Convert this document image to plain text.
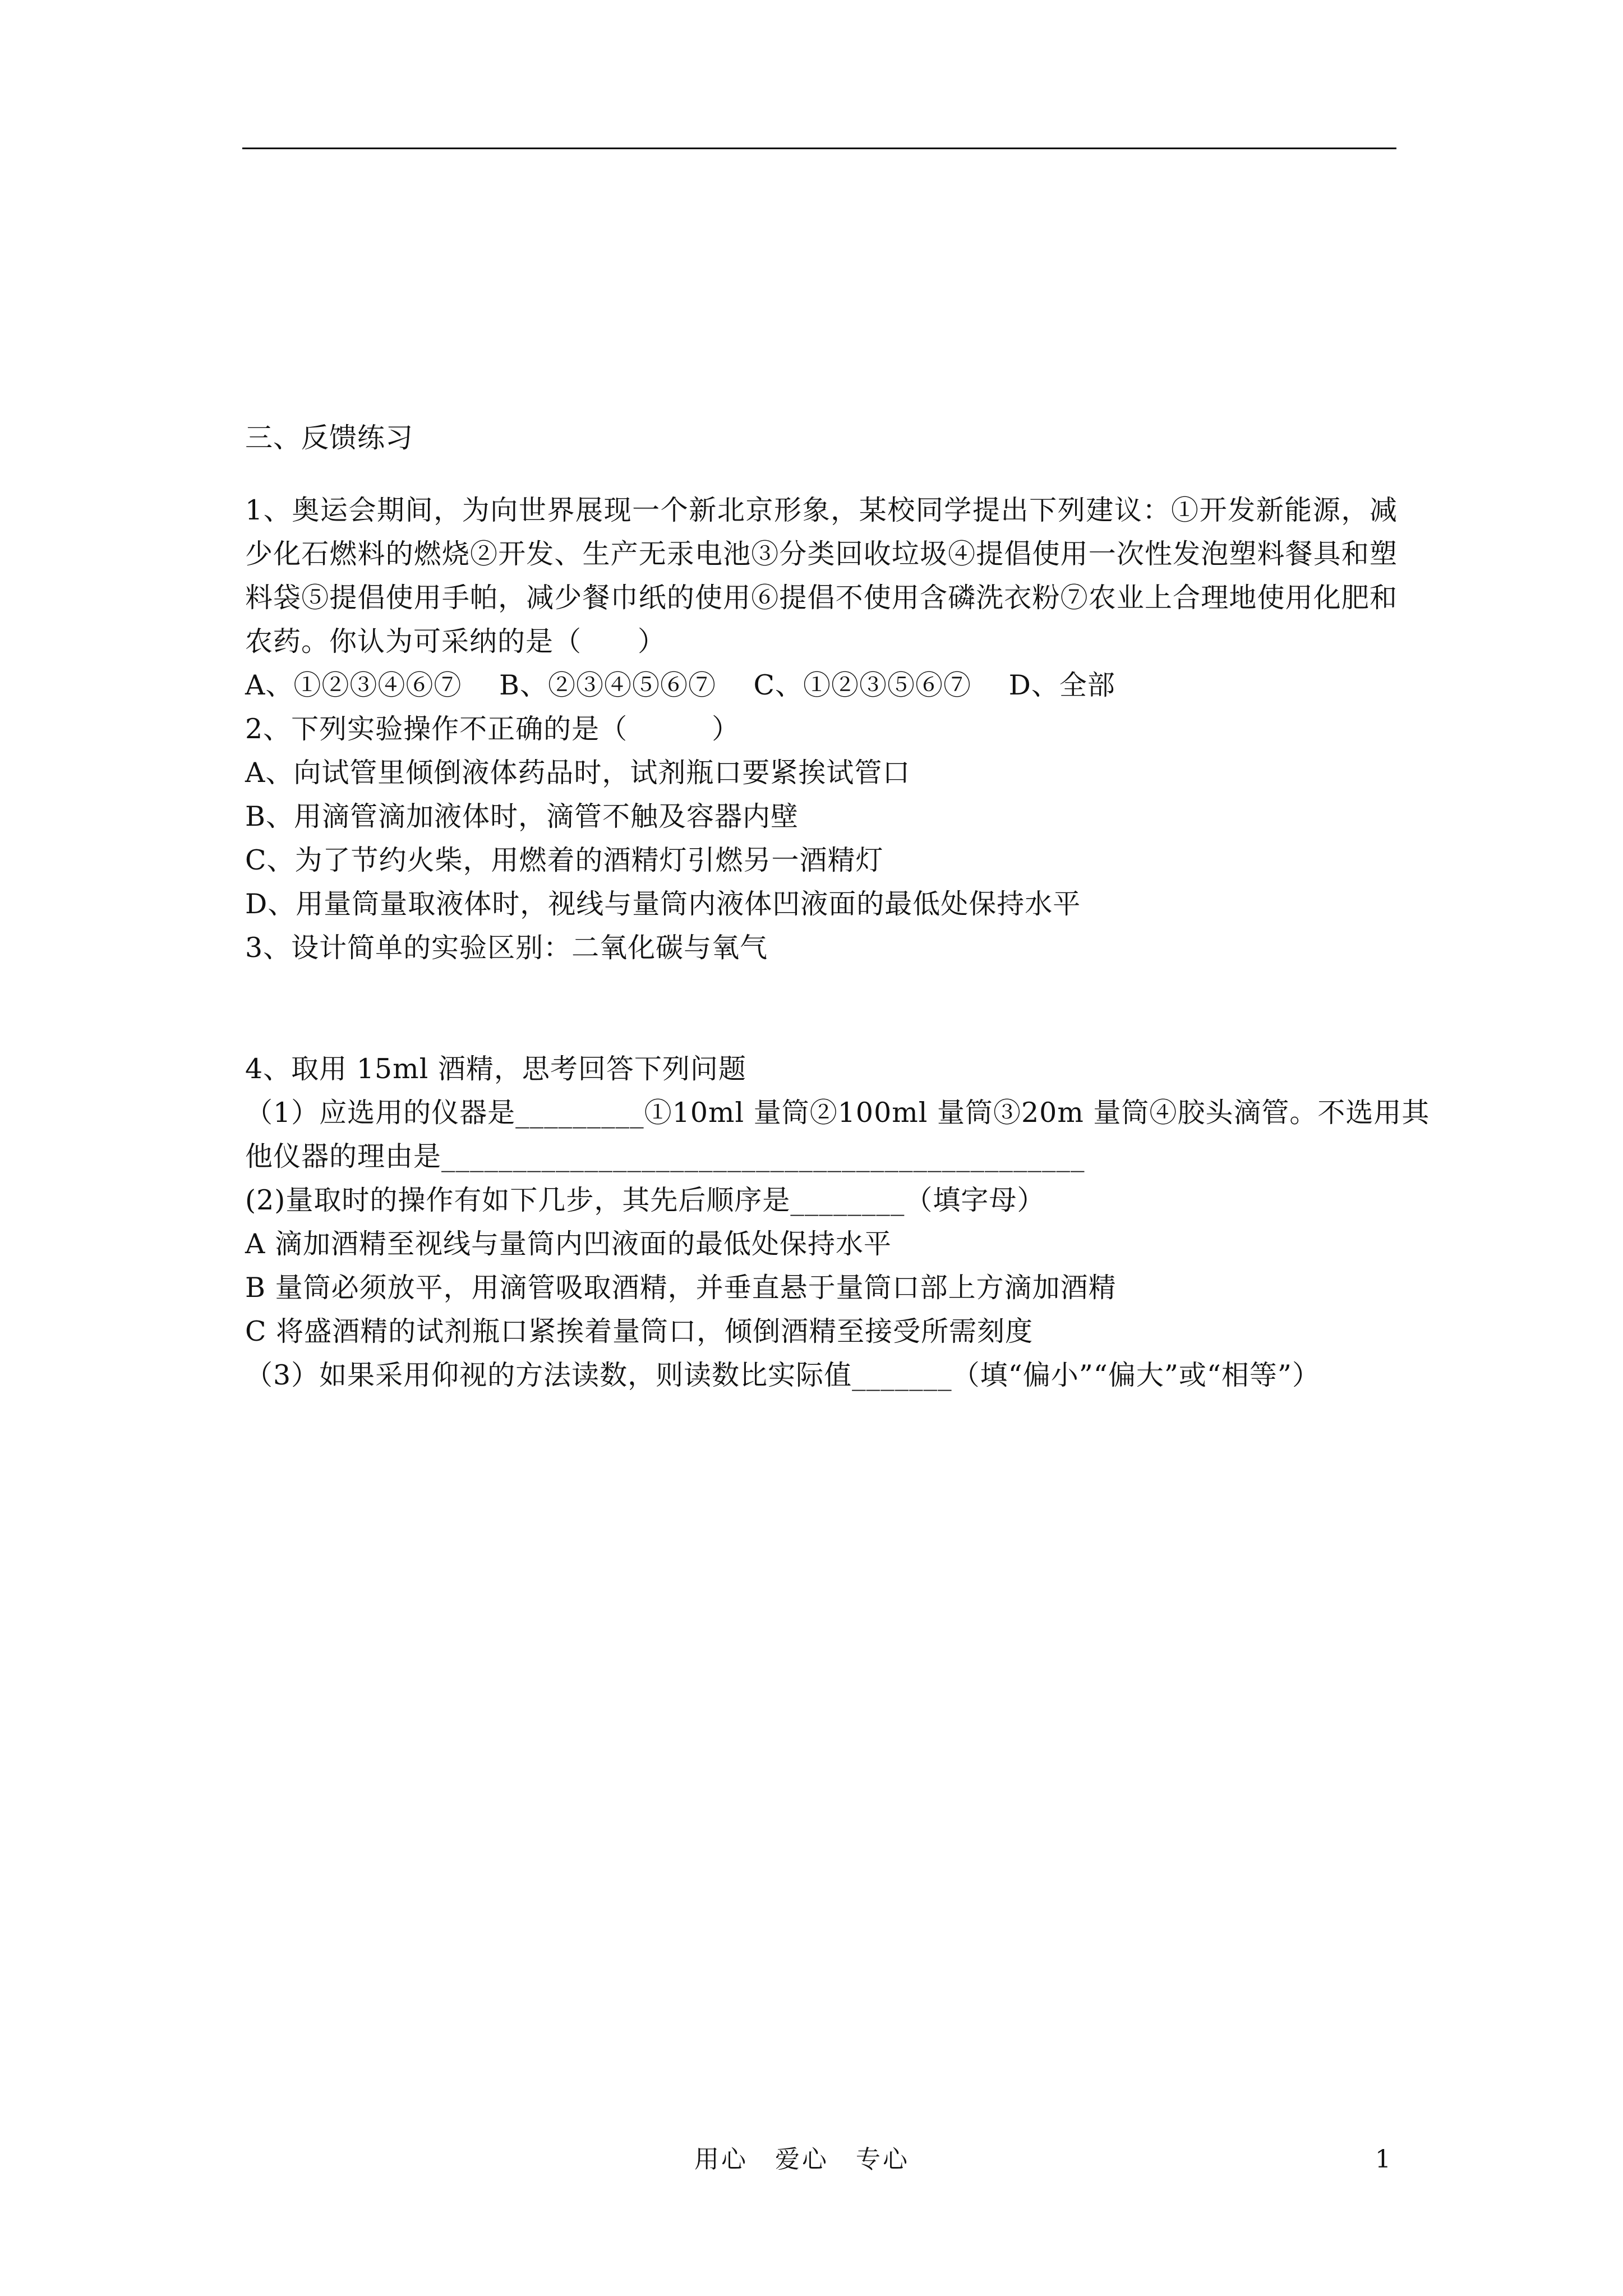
三、反馈练习
1、奥运会期间，为向世界展现一个新北京形象，某校同学提出下列建议：①开发新能源，减少化石燃料的燃烧②开发、生产无汞电池③分类回收垃圾④提倡使用一次性发泡塑料餐具和塑料袋⑤提倡使用手帕，减少餐巾纸的使用⑥提倡不使用含磷洗衣粉⑦农业上合理地使用化肥和农药。你认为可采纳的是（　　）
A、①②③④⑥⑦　 B、②③④⑤⑥⑦　 C、①②③⑤⑥⑦　 D、全部
2、下列实验操作不正确的是（　　　）
A、向试管里倾倒液体药品时，试剂瓶口要紧挨试管口
B、用滴管滴加液体时，滴管不触及容器内壁
C、为了节约火柴，用燃着的酒精灯引燃另一酒精灯
D、用量筒量取液体时，视线与量筒内液体凹液面的最低处保持水平
3、设计简单的实验区别：二氧化碳与氧气
4、取用 15ml 酒精，思考回答下列问题
（1）应选用的仪器是_________①10ml 量筒②100ml 量筒③20m 量筒④胶头滴管。不选用其
他仪器的理由是_____________________________________________
(2)量取时的操作有如下几步，其先后顺序是________（填字母）
A 滴加酒精至视线与量筒内凹液面的最低处保持水平
B 量筒必须放平，用滴管吸取酒精，并垂直悬于量筒口部上方滴加酒精
C 将盛酒精的试剂瓶口紧挨着量筒口，倾倒酒精至接受所需刻度
（3）如果采用仰视的方法读数，则读数比实际值_______（填“偏小”“偏大”或“相等”）
用心　爱心　专心	1
